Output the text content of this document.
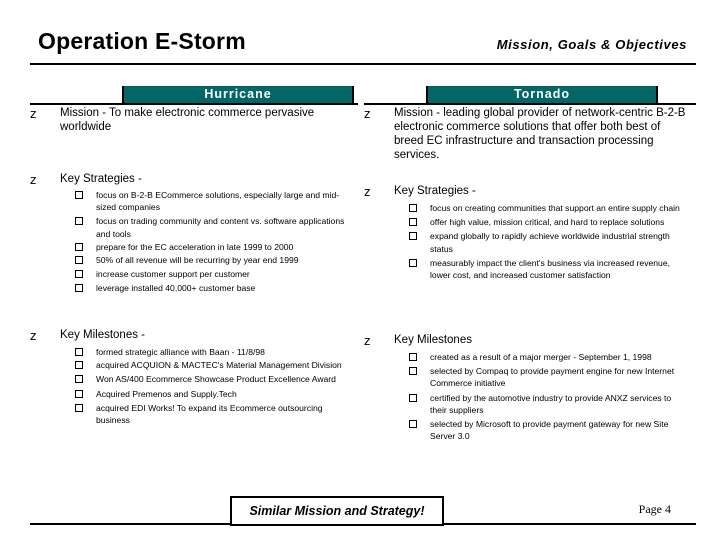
Operation E-Storm	Mission, Goals & Objectives
Hurricane	Tornado
z Mission - To make electronic commerce pervasive worldwide
z Key Strategies -
focus on B-2-B ECommerce solutions, especially large and mid-sized companies
focus on trading community and content vs. software applications and tools
prepare for the EC acceleration in late 1999 to 2000
50% of all revenue will be recurring by year end 1999
increase customer support per customer
leverage installed 40,000+ customer base
z Key Milestones -
formed strategic alliance with Baan - 11/8/98
acquired ACQUION & MACTEC's Material Management Division
Won AS/400 Ecommerce Showcase Product Excellence Award
Acquired Premenos and Supply.Tech
acquired EDI Works! To expand its Ecommerce outsourcing business
z Mission - leading global provider of network-centric B-2-B electronic commerce solutions that offer both best of breed EC infrastructure and transaction processing services.
z Key Strategies -
focus on creating communities that support an entire supply chain
offer high value, mission critical, and hard to replace solutions
expand globally to rapidly achieve worldwide industrial strength status
measurably impact the client's business via increased revenue, lower cost, and increased customer satisfaction
z Key Milestones
created as a result of a major merger - September 1, 1998
selected by Compaq to provide payment engine for new Internet Commerce initiative
certified by the automotive industry to provide ANXZ services to their suppliers
selected by Microsoft to provide payment gateway for new Site Server 3.0
Similar Mission and Strategy!	Page 4
